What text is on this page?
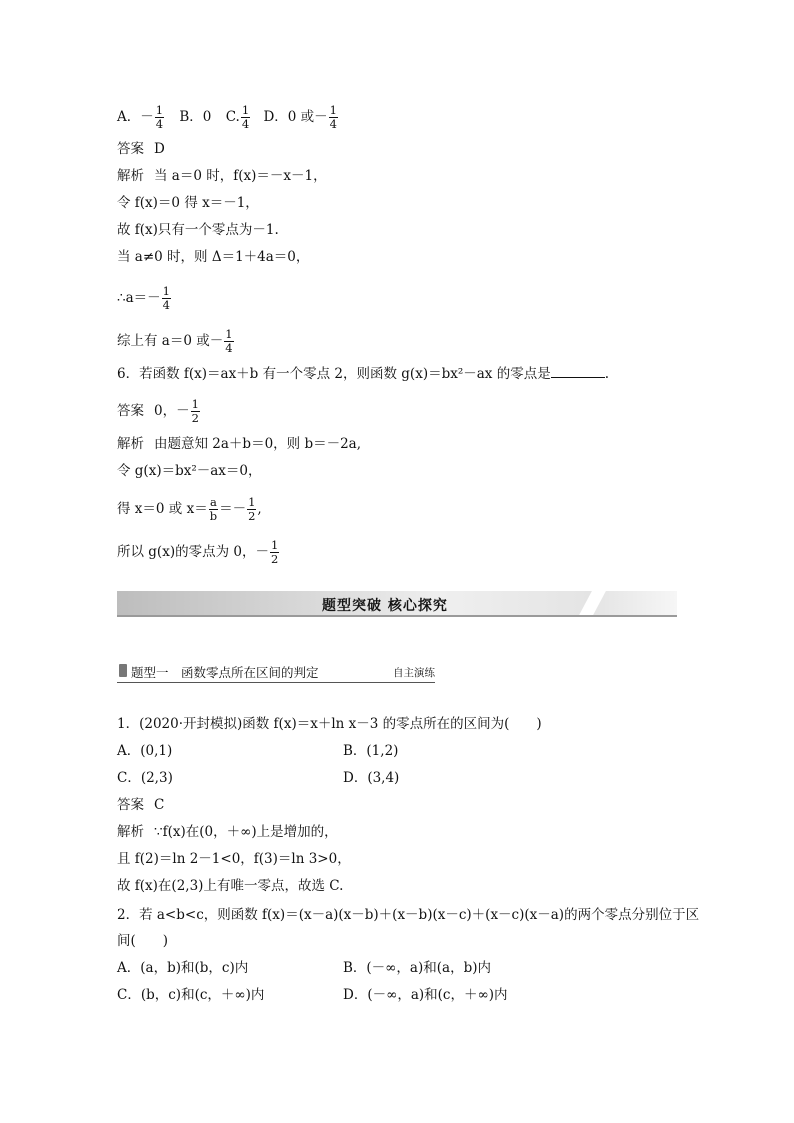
A．－ $\frac{1}{4}$ B．0 C. $\frac{1}{4}$ D．0 或－ $\frac{1}{4}$
答案 D
解析 当 a＝0 时，f(x)＝－x－1，
令 f(x)＝0 得 x＝－1，
故 f(x)只有一个零点为－1.
当 a≠0 时，则 Δ＝1＋4a＝0，
∴a＝－ $\frac{1}{4}$
综上有 a＝0 或－ $\frac{1}{4}$
6．若函数 f(x)＝ax＋b 有一个零点 2，则函数 g(x)＝bx²－ax 的零点是	.
答案 0，－ $\frac{1}{2}$
解析 由题意知 2a＋b＝0，则 b＝－2a,
令 g(x)＝bx²－ax＝0，
得 x＝0 或 $x= \frac{a}{b} =- \frac{1}{2}$ ,
所以 g(x)的零点为 0，－ $\frac{1}{2}$
题型突破 核心探究
题型一　函数零点所在区间的判定	自主演练
1．(2020·开封模拟)函数 f(x)＝x＋ln x－3 的零点所在的区间为(　　)
A．(0,1)	B．(1,2)
C．(2,3)	D．(3,4)
答案 C
解析 ∵f(x)在(0，＋∞)上是增加的，
且 f(2)＝ln 2－1<0，f(3)＝ln 3>0，
故 f(x)在(2,3)上有唯一零点，故选 C.
2．若 a<b<c，则函数 f(x)＝(x－a)(x－b)＋(x－b)(x－c)＋(x－c)(x－a)的两个零点分别位于区
间(　　)
A．(a，b)和(b，c)内	B．(－∞，a)和(a，b)内
C．(b，c)和(c，＋∞)内	D．(－∞，a)和(c，＋∞)内
